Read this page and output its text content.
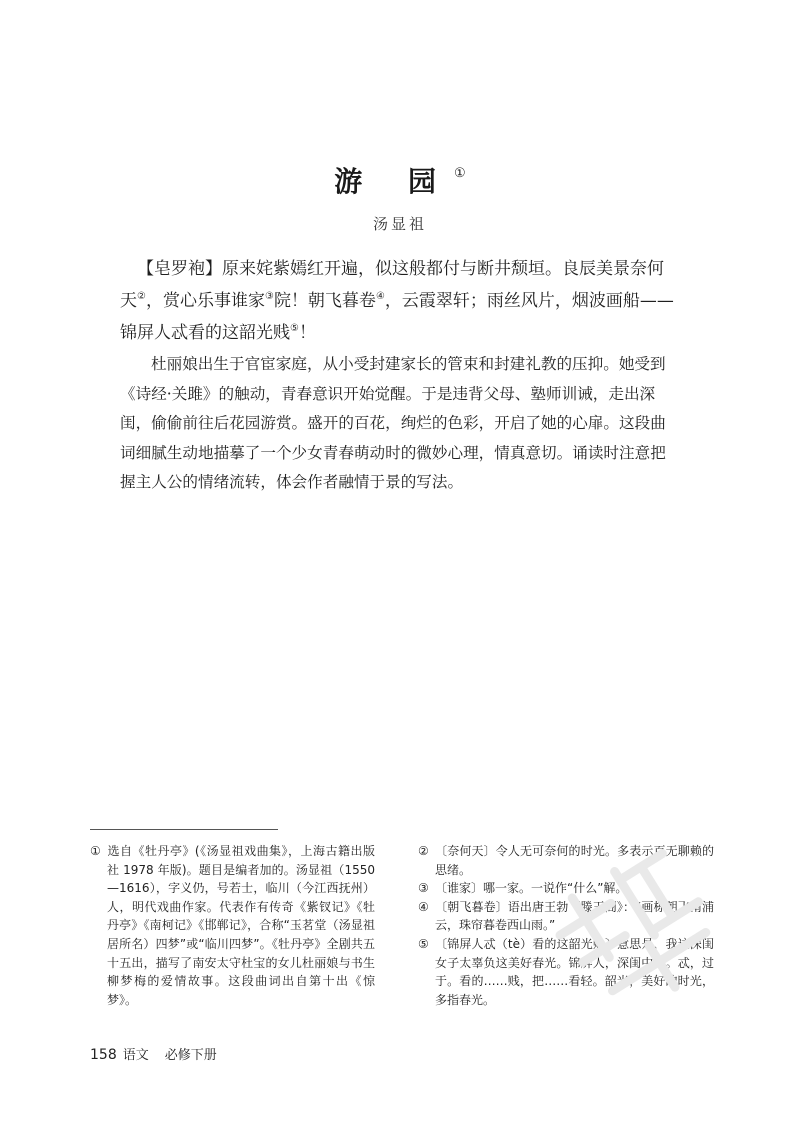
游 园①
汤显祖

【皂罗袍】原来姹紫嫣红开遍，似这般都付与断井颓垣。良辰美景奈何天②，赏心乐事谁家③院！朝飞暮卷④，云霞翠轩；雨丝风片，烟波画船——锦屏人忒看的这韶光贱⑤！

杜丽娘出生于官宦家庭，从小受封建家长的管束和封建礼教的压抑。她受到《诗经·关雎》的触动，青春意识开始觉醒。于是违背父母、塾师训诫，走出深闺，偷偷前往后花园游赏。盛开的百花，绚烂的色彩，开启了她的心扉。这段曲词细腻生动地描摹了一个少女青春萌动时的微妙心理，情真意切。诵读时注意把握主人公的情绪流转，体会作者融情于景的写法。

① 选自《牡丹亭》(《汤显祖戏曲集》，上海古籍出版社 1978 年版)。题目是编者加的。汤显祖（1550—1616），字义仍，号若士，临川（今江西抚州）人，明代戏曲作家。代表作有传奇《紫钗记》《牡丹亭》《南柯记》《邯郸记》，合称“玉茗堂（汤显祖居所名）四梦”或“临川四梦”。《牡丹亭》全剧共五十五出，描写了南安太守杜宝的女儿杜丽娘与书生柳梦梅的爱情故事。这段曲词出自第十出《惊梦》。

② 〔奈何天〕令人无可奈何的时光。多表示百无聊赖的思绪。

③ 〔谁家〕哪一家。一说作“什么”解。

④ 〔朝飞暮卷〕语出唐王勃《滕王阁》：“画栋朝飞南浦云，珠帘暮卷西山雨。”

⑤ 〔锦屏人忒（tè）看的这韶光贱〕意思是，我这深闺女子太辜负这美好春光。锦屏人，深闺中人。忒，过于。看的……贱，把……看轻。韶光，美好的时光，多指春光。

158 语文 必修下册
